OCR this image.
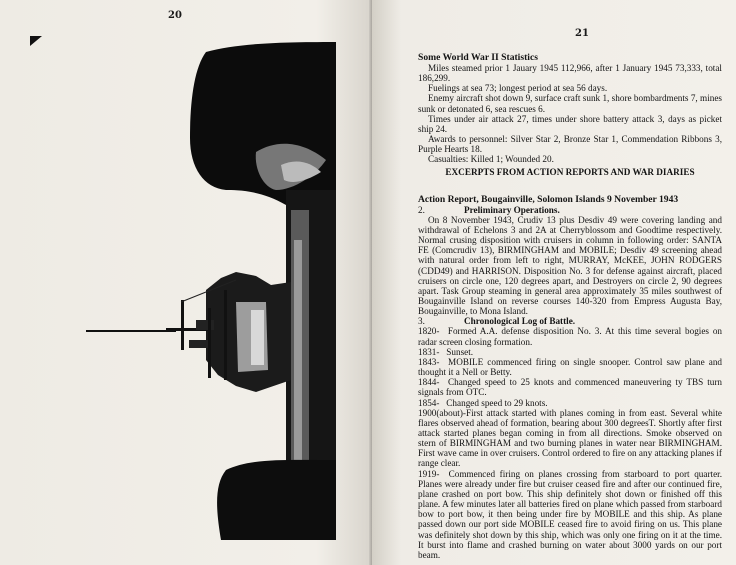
20
21
Some World War II Statistics

Miles steamed prior 1 Jauary 1945 112,966, after 1 January 1945 73,333, total 186,299.

Fuelings at sea 73; longest period at sea 56 days.

Enemy aircraft shot down 9, surface craft sunk 1, shore bombardments 7, mines sunk or detonated 6, sea rescues 6.

Times under air attack 27, times under shore battery attack 3, days as picket ship 24.

Awards to personnel: Silver Star 2, Bronze Star 1, Commendation Ribbons 3, Purple Hearts 18.

Casualties: Killed 1; Wounded 20.

EXCERPTS FROM ACTION REPORTS AND WAR DIARIES
Action Report, Bougainville, Solomon Islands 9 November 1943

2.	Preliminary Operations.

On 8 November 1943, Crudiv 13 plus Desdiv 49 were covering landing and withdrawal of Echelons 3 and 2A at Cherryblossom and Goodtime respectively. Normal crusing disposition with cruisers in column in following order: SANTA FE (Comcrudiv 13), BIRMINGHAM and MOBILE; Desdiv 49 screening ahead with natural order from left to right, MURRAY, McKEE, JOHN RODGERS (CDD49) and HARRISON. Disposition No. 3 for defense against aircraft, placed cruisers on circle one, 120 degrees apart, and Destroyers on circle 2, 90 degrees apart. Task Group steaming in general area approximately 35 miles southwest of Bougainville Island on reverse courses 140-320 from Empress Augusta Bay, Bougainville, to Mona Island.

3.	Chronological Log of Battle.

1820- Formed A.A. defense disposition No. 3. At this time several bogies on radar screen closing formation.

1831- Sunset.

1843- MOBILE commenced firing on single snooper. Control saw plane and thought it a Nell or Betty.

1844- Changed speed to 25 knots and commenced maneuvering ty TBS turn signals from OTC.

1854- Changed speed to 29 knots.

1900(about)-First attack started with planes coming in from east. Several white flares observed ahead of formation, bearing about 300 degreesT. Shortly after first attack started planes began coming in from all directions. Smoke observed on stern of BIRMINGHAM and two burning planes in water near BIRMINGHAM. First wave came in over cruisers. Control ordered to fire on any attacking planes if range clear.

1919- Commenced firing on planes crossing from starboard to port quarter. Planes were already under fire but cruiser ceased fire and after our continued fire, plane crashed on port bow. This ship definitely shot down or finished off this plane. A few minutes later all batteries fired on plane which passed from starboard bow to port bow, it then being under fire by MOBILE and this ship. As plane passed down our port side MOBILE ceased fire to avoid firing on us. This plane was definitely shot down by this ship, which was only one firing on it at the time. It burst into flame and crashed burning on water about 3000 yards on our port beam.
